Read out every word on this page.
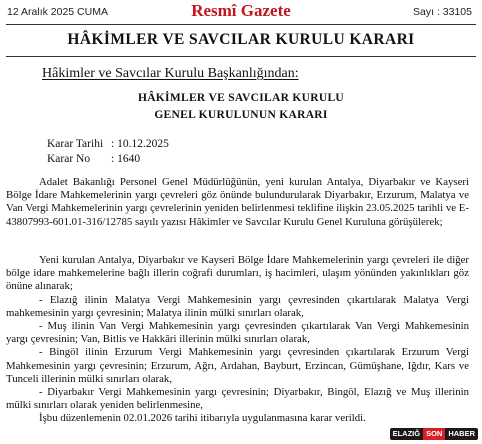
12 Aralık 2025 CUMA	Resmî Gazete	Sayı : 33105
HÂKİMLER VE SAVCILAR KURULU KARARI
Hâkimler ve Savcılar Kurulu Başkanlığından:
HÂKİMLER VE SAVCILAR KURULU
GENEL KURULUNUN KARARI
Karar Tarihi : 10.12.2025
Karar No : 1640

Adalet Bakanlığı Personel Genel Müdürlüğünün, yeni kurulan Antalya, Diyarbakır ve Kayseri Bölge İdare Mahkemelerinin yargı çevreleri göz önünde bulundurularak Diyarbakır, Erzurum, Malatya ve Van Vergi Mahkemelerinin yargı çevrelerinin yeniden belirlenmesi teklifine ilişkin 23.05.2025 tarihli ve E-43807993-601.01-316/12785 sayılı yazısı Hâkimler ve Savcılar Kurulu Genel Kuruluna görüşülerek;

Yeni kurulan Antalya, Diyarbakır ve Kayseri Bölge İdare Mahkemelerinin yargı çevreleri ile diğer bölge idare mahkemelerine bağlı illerin coğrafi durumları, iş hacimleri, ulaşım yönünden yakınlıkları göz önüne alınarak;

- Elazığ ilinin Malatya Vergi Mahkemesinin yargı çevresinden çıkartılarak Malatya Vergi mahkemesinin yargı çevresinin; Malatya ilinin mülki sınırları olarak,

- Muş ilinin Van Vergi Mahkemesinin yargı çevresinden çıkartılarak Van Vergi Mahkemesinin yargı çevresinin; Van, Bitlis ve Hakkâri illerinin mülki sınırları olarak,

- Bingöl ilinin Erzurum Vergi Mahkemesinin yargı çevresinden çıkartılarak Erzurum Vergi Mahkemesinin yargı çevresinin; Erzurum, Ağrı, Ardahan, Bayburt, Erzincan, Gümüşhane, Iğdır, Kars ve Tunceli illerinin mülki sınırları olarak,

- Diyarbakır Vergi Mahkemesinin yargı çevresinin; Diyarbakır, Bingöl, Elazığ ve Muş illerinin mülki sınırları olarak yeniden belirlenmesine,

İşbu düzenlemenin 02.01.2026 tarihi itibarıyla uygulanmasına karar verildi.

ELAZIĞ SON HABER
